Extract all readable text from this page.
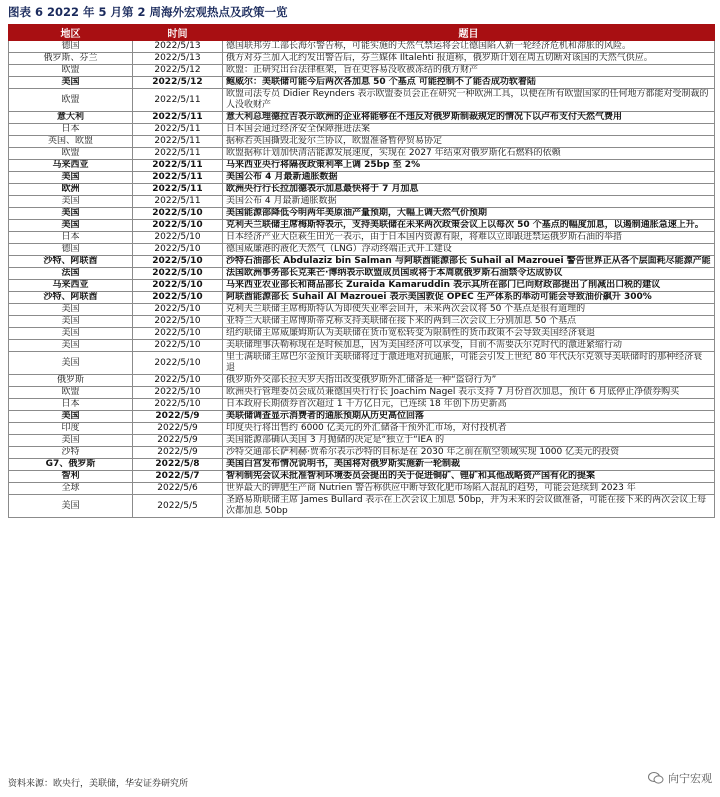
图表 6 2022 年 5 月第 2 周海外宏观热点及政策一览
地区	时间	题目
德国	2022/5/13	德国联邦劳工部长海尔警告称，可能实施的天然气禁运将会让德国陷入新一轮经济危机和滞胀的风险。
俄罗斯、芬兰	2022/5/13	俄方对芬兰加入北约发出警告后，芬兰媒体 Iltalehti 报道称，俄罗斯计划在周五切断对该国的天然气供应。
欧盟	2022/5/12	欧盟：正研究出台法律框架，旨在吏容易没收被冻结的俄方财产
美国	2022/5/12	鲍威尔：美联储可能今后两次各加息 50 个基点 可能控制不了能否成功软着陆
欧盟	2022/5/11	欧盟司法专员 Didier Reynders 表示欧盟委员会正在研究一种欧洲工具，以便在所有欧盟国家的任何地方都能对受制裁的人没收财产
意大利	2022/5/11	意大利总理德拉吉表示欧洲的企业将能够在不违反对俄罗斯制裁规定的情况下以卢布支付天然气费用
日本	2022/5/11	日本国会通过经济安全保障推进法案
英国、欧盟	2022/5/11	据称若英国撕毁北爱尔兰协议，欧盟准备暂停贸易协定
欧盟	2022/5/11	欧盟据称计划加快清洁能源发展速度，实现在 2027 年结束对俄罗斯化石燃料的依赖
马来西亚	2022/5/11	马来西亚央行将隔夜政策利率上调 25bp 至 2%
美国	2022/5/11	美国公布 4 月最新通胀数据
欧洲	2022/5/11	欧洲央行行长拉加德表示加息最快将于 7 月加息
美国	2022/5/11	美国公布 4 月最新通胀数据
美国	2022/5/10	美国能源部降低今明两年美原油产量预期，大幅上调天然气价预期
美国	2022/5/10	克利夫兰联储主席梅斯特表示，支持美联储在未来两次政策会议上以每次 50 个基点的幅度加息，以遏制通胀急速上升。
日本	2022/5/10	日本经济产业大臣萩生田光一表示，由于日本国内资源有限，将难以立即跟进禁运俄罗斯石油的举措
德国	2022/5/10	德国威廉港的液化天然气（LNG）浮动终端正式开工建设
沙特、阿联酋	2022/5/10	沙特石油部长 Abdulaziz bin Salman 与阿联酋能源部长 Suhail al Mazrouei 警告世界正从各个层面耗尽能源产能
法国	2022/5/10	法国欧洲事务部长克莱芒·博纳表示欧盟成员国或将于本周就俄罗斯石油禁令达成协议
马来西亚	2022/5/10	马来西亚农业部长和商品部长 Zuraida Kamaruddin 表示其所在部门已向财政部提出了削减出口税的建议
沙特、阿联酋	2022/5/10	阿联酋能源部长 Suhail Al Mazrouei 表示美国敦促 OPEC 生产体系的举动可能会导致油价飙升 300%
美国	2022/5/10	克利夫兰联储主席梅斯特认为即使失业率会回升，未来两次会议将 50 个基点是很有道理的
美国	2022/5/10	亚特兰大联储主席博斯蒂克称支持美联储在接下来的两到三次会议上分别加息 50 个基点
美国	2022/5/10	纽约联储主席威廉姆斯认为美联储在货币宽松转变为限制性的货币政策不会导致美国经济衰退
美国	2022/5/10	美联储理事沃勒称现在是时候加息，因为美国经济可以承受，目前不需要沃尔克时代的激进紧缩行动
美国	2022/5/10	里士满联储主席巴尔金预计美联储将过于激进地对抗通胀，可能会引发上世纪 80 年代沃尔克领导美联储时的那种经济衰退
俄罗斯	2022/5/10	俄罗斯外交部长拉夫罗夫指出改变俄罗斯外汇储备是一种“盗窃行为”
欧盟	2022/5/10	欧洲央行管理委员会成员兼德国央行行长 Joachim Nagel 表示支持 7 月份首次加息，预计 6 月底停止净债券购买
日本	2022/5/10	日本政府长期债券首次超过 1 千万亿日元，已连续 18 年创下历史新高
美国	2022/5/9	美联储调查显示消费者的通胀预期从历史高位回落
印度	2022/5/9	印度央行将出售约 6000 亿美元的外汇储备干预外汇市场，对付投机者
美国	2022/5/9	美国能源部确认美国 3 月抛储的决定是“独立于“IEA 的
沙特	2022/5/9	沙特交通部长萨利赫·贾希尔表示沙特的目标是在 2030 年之前在航空领域实现 1000 亿美元的投资
G7、俄罗斯	2022/5/8	美国白宫发布情况说明书，美国将对俄罗斯实施新一轮制裁
智利	2022/5/7	智利制宪会议未批准智利环境委员会提出的关于促进铜矿、锂矿和其他战略资产国有化的提案
全球	2022/5/6	世界最大的钾肥生产商 Nutrien 警告称供应中断导致化肥市场陷入混乱的趋势，可能会延续到 2023 年
美国	2022/5/5	圣路易斯联储主席 James Bullard 表示在上次会议上加息 50bp，并为未来的会议做准备，可能在接下来的两次会议上每次都加息 50bp
资料来源：欧央行，美联储，华安证券研究所	向宁宏观
